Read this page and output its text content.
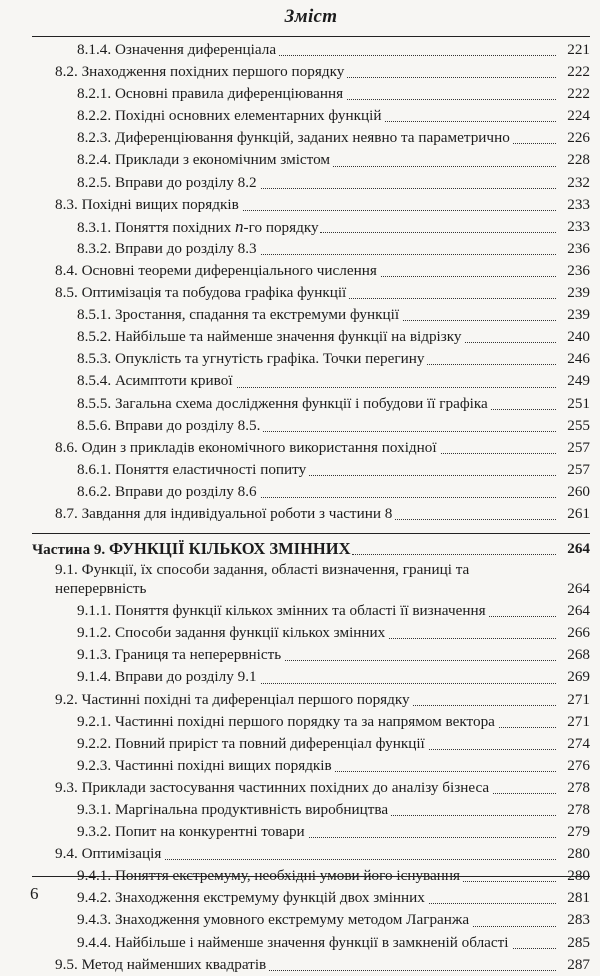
Зміст
8.1.4. Означення диференціала	221
8.2. Знаходження похідних першого порядку	222
8.2.1. Основні правила диференціювання	222
8.2.2. Похідні основних елементарних функцій	224
8.2.3. Диференціювання функцій, заданих неявно та параметрично	226
8.2.4. Приклади з економічним змістом	228
8.2.5. Вправи до розділу 8.2	232
8.3. Похідні вищих порядків	233
8.3.1. Поняття похідних n-го порядку	233
8.3.2. Вправи до розділу 8.3	236
8.4. Основні теореми диференціального числення	236
8.5. Оптимізація та побудова графіка функції	239
8.5.1. Зростання, спадання та екстремуми функції	239
8.5.2. Найбільше та найменше значення функції на відрізку	240
8.5.3. Опуклість та угнутість графіка. Точки перегину	246
8.5.4. Асимптоти кривої	249
8.5.5. Загальна схема дослідження функції і побудови її графіка	251
8.5.6. Вправи до розділу 8.5.	255
8.6. Один з прикладів економічного використання похідної	257
8.6.1. Поняття еластичності попиту	257
8.6.2. Вправи до розділу 8.6	260
8.7. Завдання для індивідуальної роботи з частини 8	261
Частина 9. ФУНКЦІЇ КІЛЬКОХ ЗМІННИХ	264
9.1. Функції, їх способи задання, області визначення, границі та
неперервність	264
9.1.1. Поняття функції кількох змінних та області її визначення	264
9.1.2. Способи задання функції кількох змінних	266
9.1.3. Границя та неперервність	268
9.1.4. Вправи до розділу 9.1	269
9.2. Частинні похідні та диференціал першого порядку	271
9.2.1. Частинні похідні першого порядку та за напрямом вектора	271
9.2.2. Повний приріст та повний диференціал функції	274
9.2.3. Частинні похідні вищих порядків	276
9.3. Приклади застосування частинних похідних до аналізу бізнеса	278
9.3.1. Маргінальна продуктивність виробництва	278
9.3.2. Попит на конкурентні товари	279
9.4. Оптимізація	280
9.4.1. Поняття екстремуму, необхідні умови його існування	280
9.4.2. Знаходження екстремуму функцій двох змінних	281
9.4.3. Знаходження умовного екстремуму методом Лагранжа	283
9.4.4. Найбільше і найменше значення функції в замкненій області	285
9.5. Метод найменших квадратів	287
6
